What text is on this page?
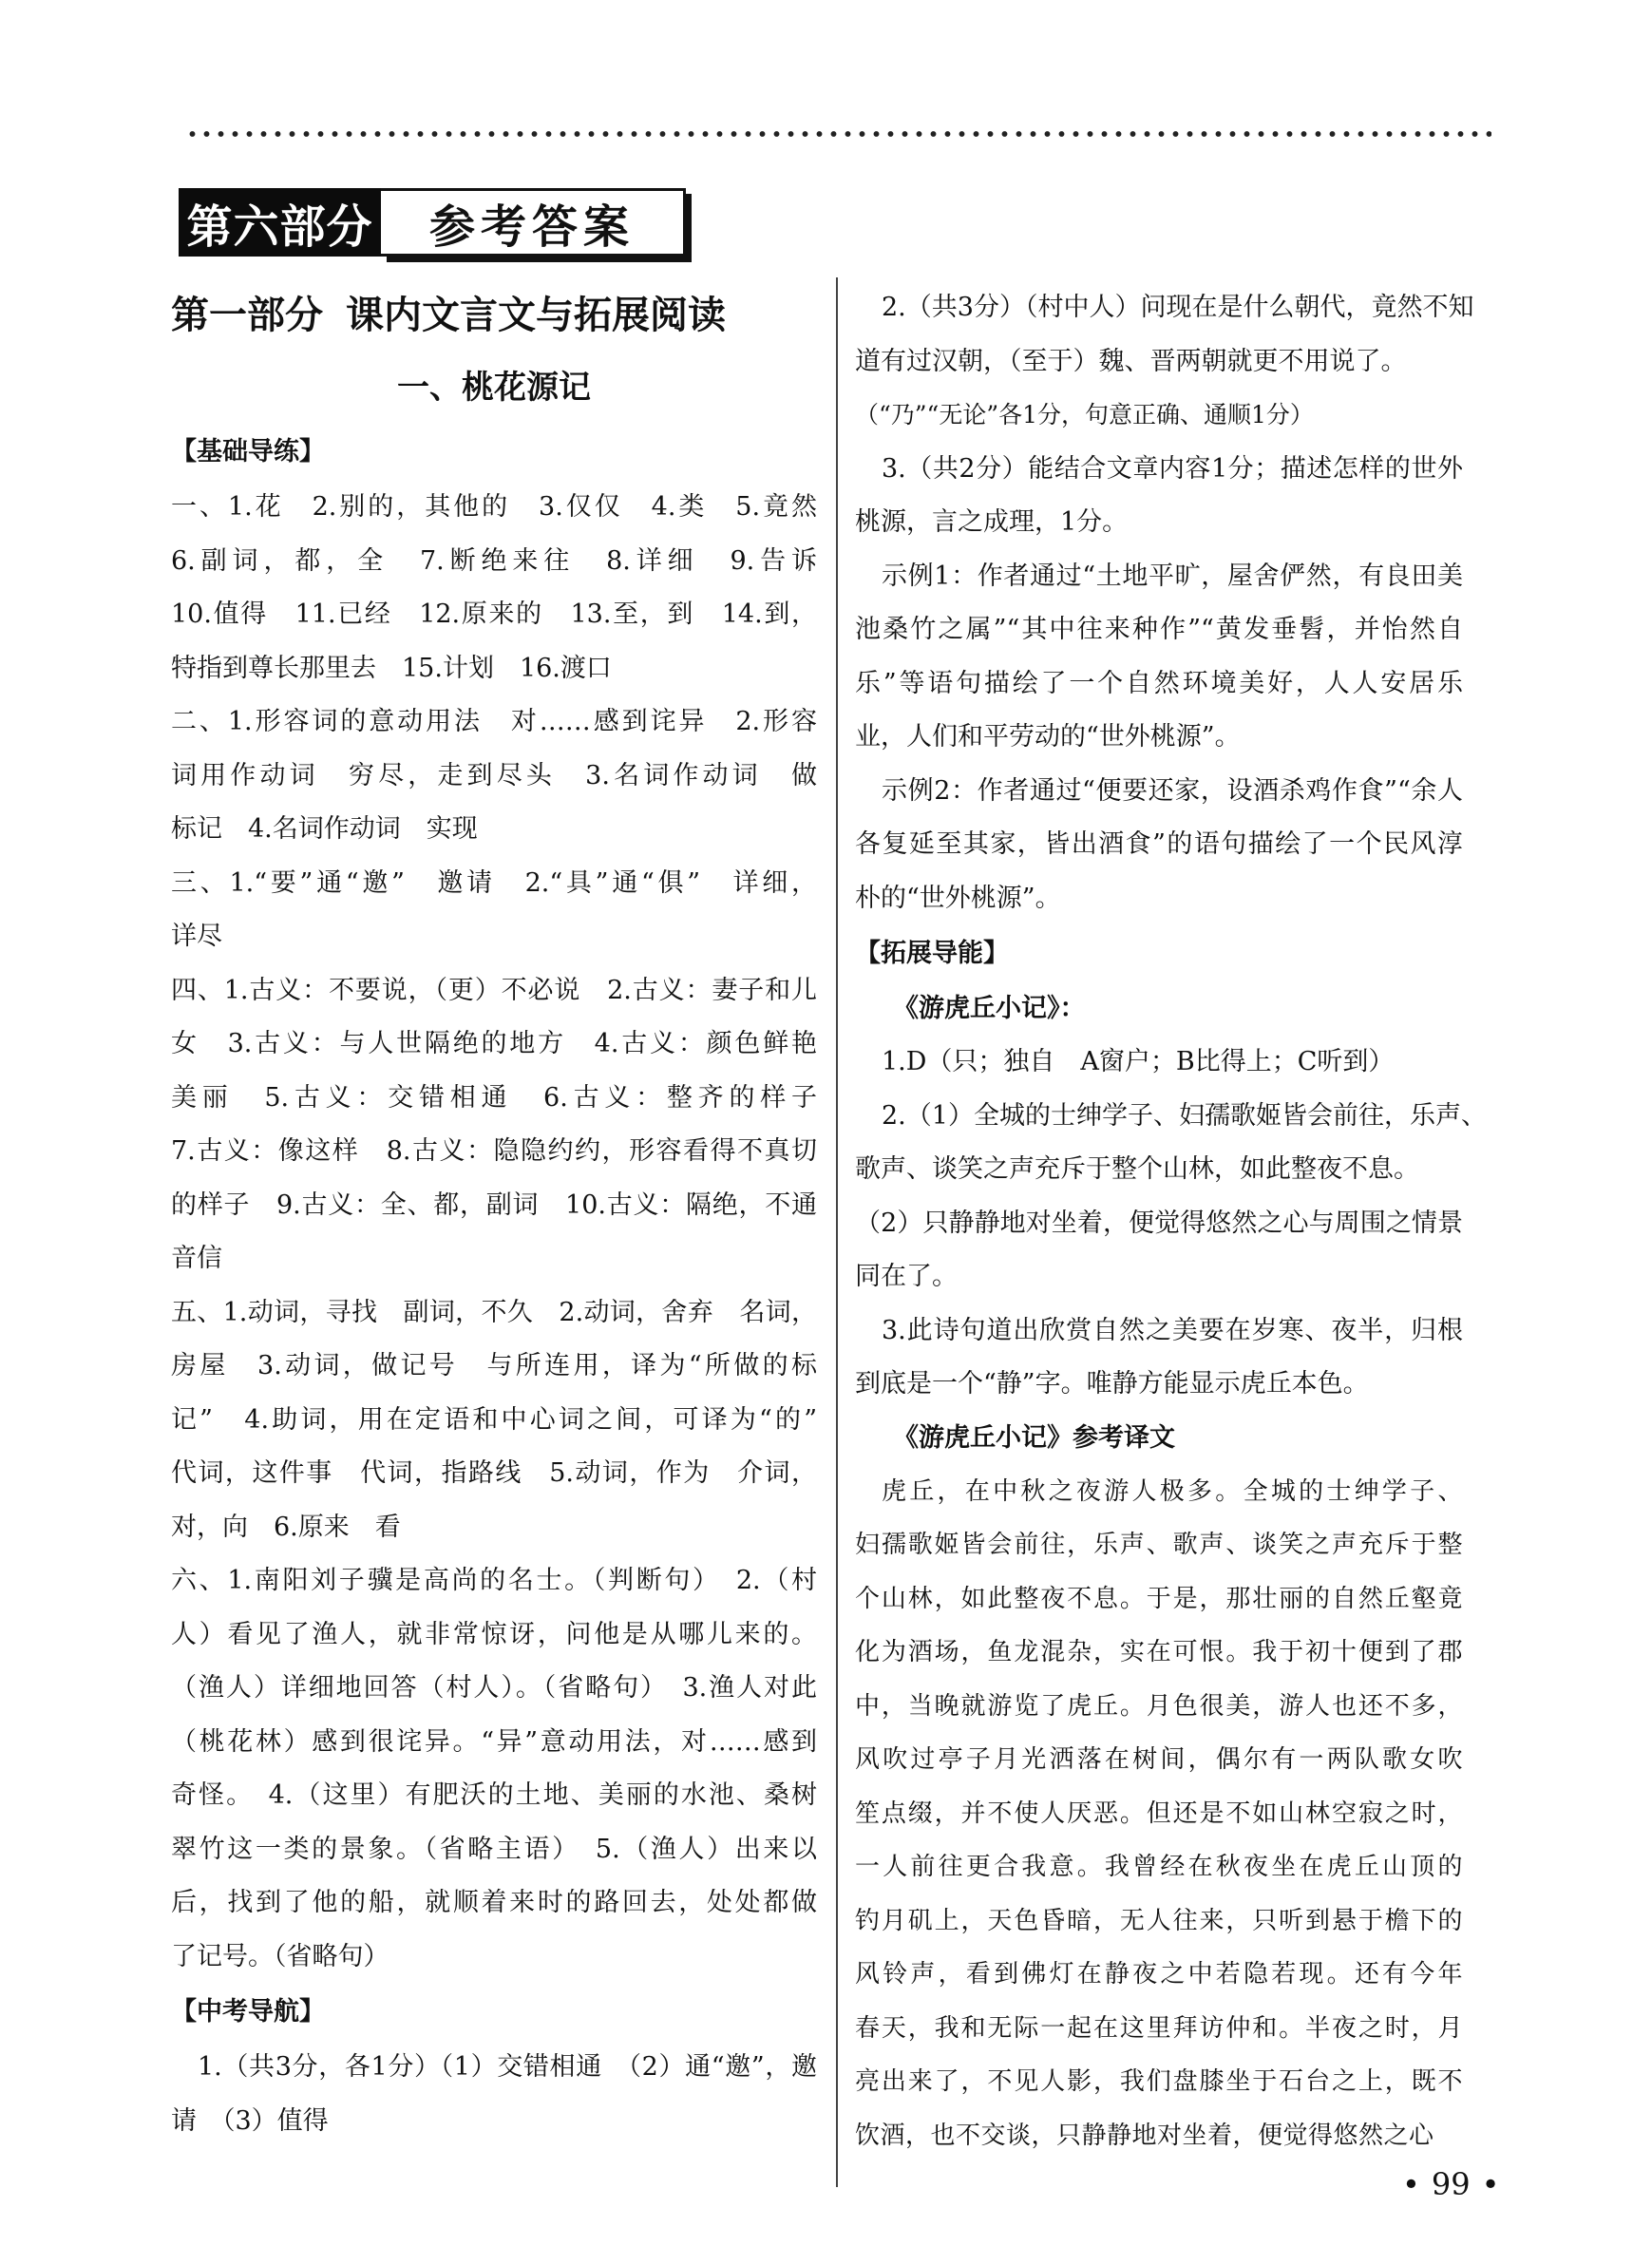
第六部分	参考答案
第一部分 课内文言文与拓展阅读
一、桃花源记
【基础导练】
一、1.花　2.别的，其他的　3.仅仅　4.类　5.竟然
6.副词，都，全　7.断绝来往　8.详细　9.告诉
10.值得　11.已经　12.原来的　13.至，到　14.到，
特指到尊长那里去　15.计划　16.渡口
二、1.形容词的意动用法　对……感到诧异　2.形容
词用作动词　穷尽，走到尽头　3.名词作动词　做
标记　4.名词作动词　实现
三、1.“要”通“邀”　邀请　2.“具”通“俱”　详细，
详尽
四、1.古义：不要说，（更）不必说　2.古义：妻子和儿
女　3.古义：与人世隔绝的地方　4.古义：颜色鲜艳
美丽　5.古义：交错相通　6.古义：整齐的样子
7.古义：像这样　8.古义：隐隐约约，形容看得不真切
的样子　9.古义：全、都，副词　10.古义：隔绝，不通
音信
五、1.动词，寻找　副词，不久　2.动词，舍弃　名词，
房屋　3.动词，做记号　与所连用，译为“所做的标
记”　4.助词，用在定语和中心词之间，可译为“的”
代词，这件事　代词，指路线　5.动词，作为　介词，
对，向　6.原来　看
六、1.南阳刘子骥是高尚的名士。（判断句）　2.（村
人）看见了渔人，就非常惊讶，问他是从哪儿来的。
（渔人）详细地回答（村人）。（省略句）　3.渔人对此
（桃花林）感到很诧异。“异”意动用法，对……感到
奇怪。　4.（这里）有肥沃的土地、美丽的水池、桑树
翠竹这一类的景象。（省略主语）　5.（渔人）出来以
后，找到了他的船，就顺着来时的路回去，处处都做
了记号。（省略句）
【中考导航】
1.（共3分，各1分）（1）交错相通　（2）通“邀”，邀
请　（3）值得
2.（共3分）（村中人）问现在是什么朝代，竟然不知
道有过汉朝，（至于）魏、晋两朝就更不用说了。
（“乃”“无论”各1分，句意正确、通顺1分）
3.（共2分）能结合文章内容1分；描述怎样的世外
桃源，言之成理，1分。
示例1：作者通过“土地平旷，屋舍俨然，有良田美
池桑竹之属”“其中往来种作”“黄发垂髫，并怡然自
乐”等语句描绘了一个自然环境美好，人人安居乐
业，人们和平劳动的“世外桃源”。
示例2：作者通过“便要还家，设酒杀鸡作食”“余人
各复延至其家，皆出酒食”的语句描绘了一个民风淳
朴的“世外桃源”。
【拓展导能】
《游虎丘小记》：
1.D（只；独自　A窗户；B比得上；C听到）
2.（1）全城的士绅学子、妇孺歌姬皆会前往，乐声、
歌声、谈笑之声充斥于整个山林，如此整夜不息。
（2）只静静地对坐着，便觉得悠然之心与周围之情景
同在了。
3.此诗句道出欣赏自然之美要在岁寒、夜半，归根
到底是一个“静”字。唯静方能显示虎丘本色。
《游虎丘小记》参考译文
虎丘，在中秋之夜游人极多。全城的士绅学子、
妇孺歌姬皆会前往，乐声、歌声、谈笑之声充斥于整
个山林，如此整夜不息。于是，那壮丽的自然丘壑竟
化为酒场，鱼龙混杂，实在可恨。我于初十便到了郡
中，当晚就游览了虎丘。月色很美，游人也还不多，
风吹过亭子月光洒落在树间，偶尔有一两队歌女吹
笙点缀，并不使人厌恶。但还是不如山林空寂之时，
一人前往更合我意。我曾经在秋夜坐在虎丘山顶的
钓月矶上，天色昏暗，无人往来，只听到悬于檐下的
风铃声，看到佛灯在静夜之中若隐若现。还有今年
春天，我和无际一起在这里拜访仲和。半夜之时，月
亮出来了，不见人影，我们盘膝坐于石台之上，既不
饮酒，也不交谈，只静静地对坐着，便觉得悠然之心
• 99 •
